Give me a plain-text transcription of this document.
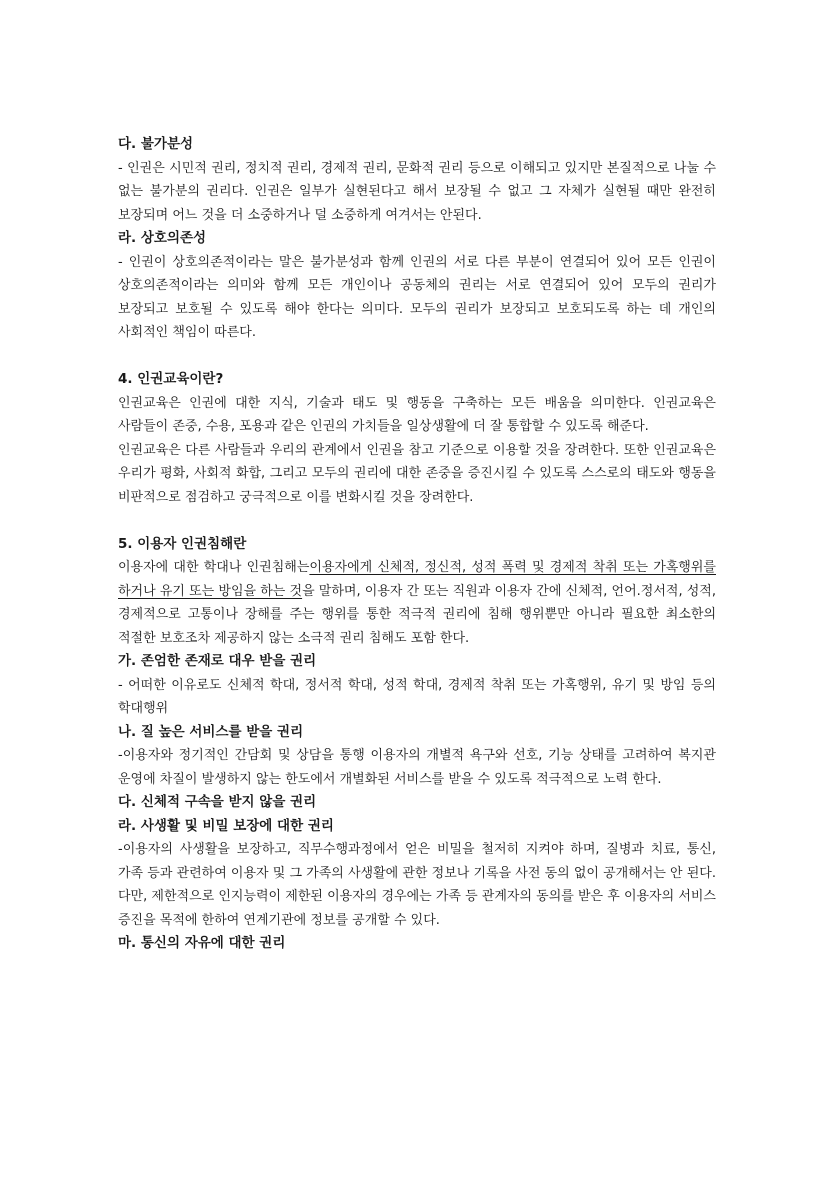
다. 불가분성

- 인권은 시민적 권리, 정치적 권리, 경제적 권리, 문화적 권리 등으로 이해되고 있지만 본질적으로 나눌 수 없는 불가분의 권리다. 인권은 일부가 실현된다고 해서 보장될 수 없고 그 자체가 실현될 때만 완전히 보장되며 어느 것을 더 소중하거나 덜 소중하게 여겨서는 안된다.

라. 상호의존성

- 인권이 상호의존적이라는 말은 불가분성과 함께 인권의 서로 다른 부분이 연결되어 있어 모든 인권이 상호의존적이라는 의미와 함께 모든 개인이나 공동체의 권리는 서로 연결되어 있어 모두의 권리가 보장되고 보호될 수 있도록 해야 한다는 의미다. 모두의 권리가 보장되고 보호되도록 하는 데 개인의 사회적인 책임이 따른다.

4. 인권교육이란?

인권교육은 인권에 대한 지식, 기술과 태도 및 행동을 구축하는 모든 배움을 의미한다. 인권교육은 사람들이 존중, 수용, 포용과 같은 인권의 가치들을 일상생활에 더 잘 통합할 수 있도록 해준다.

인권교육은 다른 사람들과 우리의 관계에서 인권을 참고 기준으로 이용할 것을 장려한다. 또한 인권교육은 우리가 평화, 사회적 화합, 그리고 모두의 권리에 대한 존중을 증진시킬 수 있도록 스스로의 태도와 행동을 비판적으로 점검하고 궁극적으로 이를 변화시킬 것을 장려한다.

5. 이용자 인권침해란

이용자에 대한 학대나 인권침해는이용자에게 신체적, 정신적, 성적 폭력 및 경제적 착취 또는 가혹행위를 하거나 유기 또는 방임을 하는 것을 말하며, 이용자 간 또는 직원과 이용자 간에 신체적, 언어.정서적, 성적, 경제적으로 고통이나 장해를 주는 행위를 통한 적극적 권리에 침해 행위뿐만 아니라 필요한 최소한의 적절한 보호조차 제공하지 않는 소극적 권리 침해도 포함 한다.

가. 존엄한 존재로 대우 받을 권리

- 어떠한 이유로도 신체적 학대, 정서적 학대, 성적 학대, 경제적 착취 또는 가혹행위, 유기 및 방임 등의 학대행위

나. 질 높은 서비스를 받을 권리

-이용자와 정기적인 간담회 및 상담을 통행 이용자의 개별적 욕구와 선호, 기능 상태를 고려하여 복지관 운영에 차질이 발생하지 않는 한도에서 개별화된 서비스를 받을 수 있도록 적극적으로 노력 한다.

다. 신체적 구속을 받지 않을 권리

라. 사생활 및 비밀 보장에 대한 권리

-이용자의 사생활을 보장하고, 직무수행과정에서 얻은 비밀을 철저히 지켜야 하며, 질병과 치료, 통신, 가족 등과 관련하여 이용자 및 그 가족의 사생활에 관한 정보나 기록을 사전 동의 없이 공개해서는 안 된다. 다만, 제한적으로 인지능력이 제한된 이용자의 경우에는 가족 등 관계자의 동의를 받은 후 이용자의 서비스 증진을 목적에 한하여 연계기관에 정보를 공개할 수 있다.

마. 통신의 자유에 대한 권리
